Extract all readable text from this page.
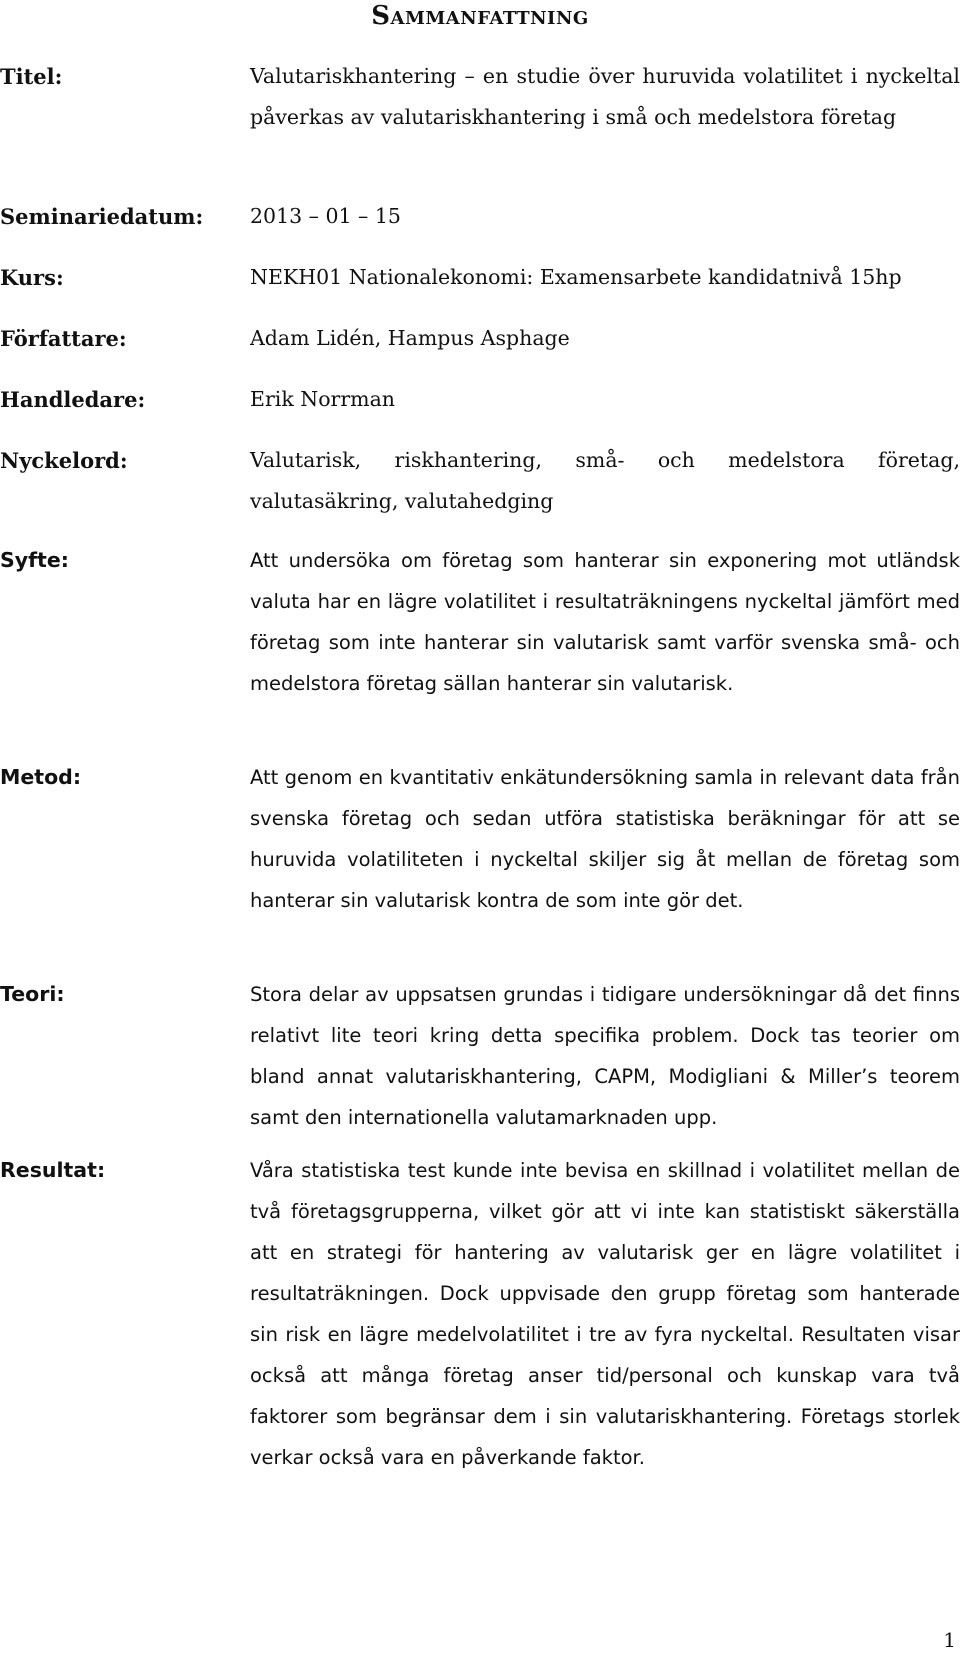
Sammanfattning
Titel:	Valutariskhantering – en studie över huruvida volatilitet i nyckeltal påverkas av valutariskhantering i små och medelstora företag
Seminariedatum: 2013 – 01 – 15
Kurs:	NEKH01 Nationalekonomi: Examensarbete kandidatnivå 15hp
Författare:	Adam Lidén, Hampus Asphage
Handledare:	Erik Norrman
Nyckelord:	Valutarisk, riskhantering, små- och medelstora företag, valutasäkring, valutahedging
Syfte:	Att undersöka om företag som hanterar sin exponering mot utländsk valuta har en lägre volatilitet i resultaträkningens nyckeltal jämfört med företag som inte hanterar sin valutarisk samt varför svenska små- och medelstora företag sällan hanterar sin valutarisk.
Metod:	Att genom en kvantitativ enkätundersökning samla in relevant data från svenska företag och sedan utföra statistiska beräkningar för att se huruvida volatiliteten i nyckeltal skiljer sig åt mellan de företag som hanterar sin valutarisk kontra de som inte gör det.
Teori:	Stora delar av uppsatsen grundas i tidigare undersökningar då det finns relativt lite teori kring detta specifika problem. Dock tas teorier om bland annat valutariskhantering, CAPM, Modigliani & Miller’s teorem samt den internationella valutamarknaden upp.
Resultat:	Våra statistiska test kunde inte bevisa en skillnad i volatilitet mellan de två företagsgrupperna, vilket gör att vi inte kan statistiskt säkerställa att en strategi för hantering av valutarisk ger en lägre volatilitet i resultaträkningen. Dock uppvisade den grupp företag som hanterade sin risk en lägre medelvolatilitet i tre av fyra nyckeltal. Resultaten visar också att många företag anser tid/personal och kunskap vara två faktorer som begränsar dem i sin valutariskhantering. Företags storlek verkar också vara en påverkande faktor.
1
